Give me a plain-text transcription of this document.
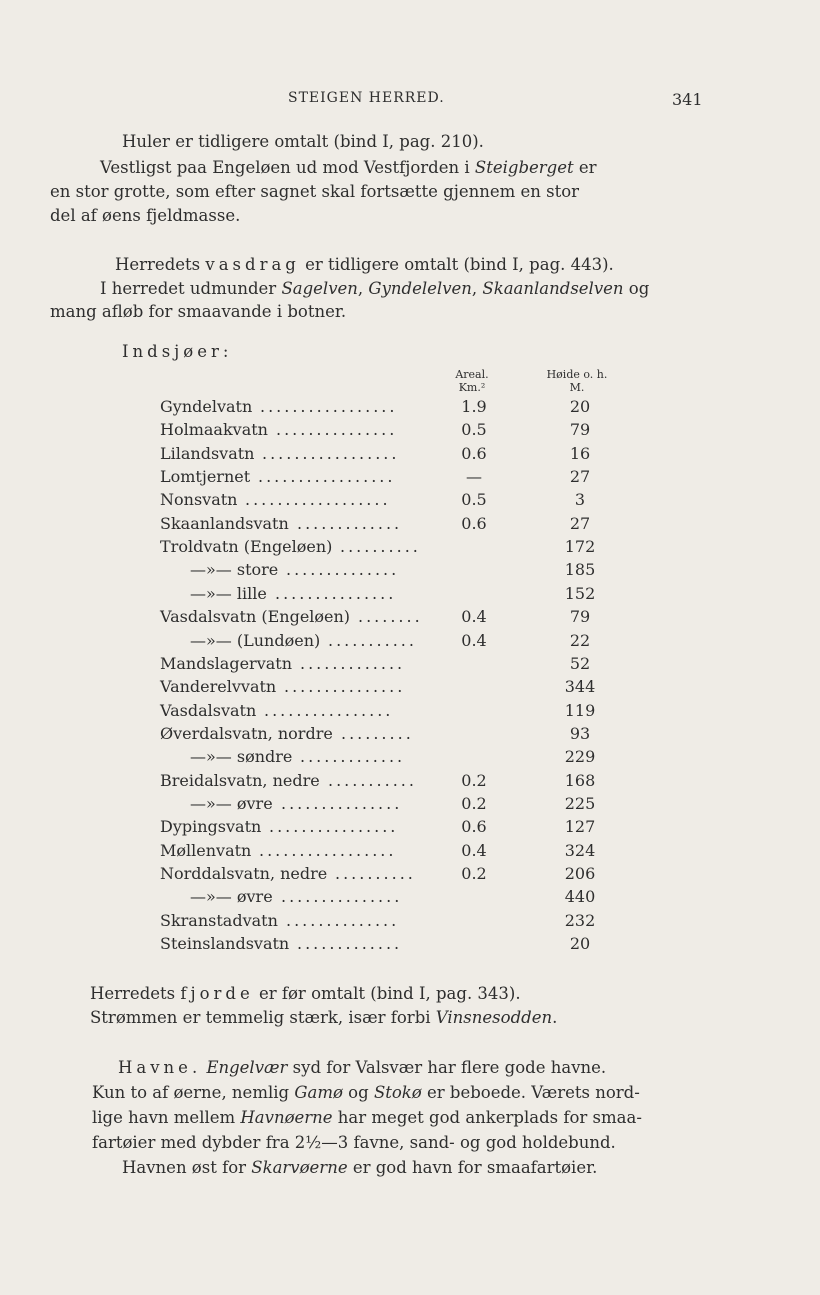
STEIGEN HERRED.	341
Huler er tidligere omtalt (bind I, pag. 210).
Vestligst paa Engeløen ud mod Vestfjorden i Steigberget er
en stor grotte, som efter sagnet skal fortsætte gjennem en stor
del af øens fjeldmasse.
Herredets vasdrag er tidligere omtalt (bind I, pag. 443).
I herredet udmunder Sagelven, Gyndelelven, Skaanlandselven og
mang afløb for smaavande i botner.
Indsjøer:
Areal.
Km.²
Høide o. h.
M.
Gyndelvatn	1.9	20
.................
Holmaakvatn	0.5	79
...............
Lilandsvatn	0.6	16
.................
Lomtjernet	—	27
.................
Nonsvatn	0.5	3
..................
Skaanlandsvatn	0.6	27
.............
Troldvatn (Engeløen)	172
..........
—»— store	185
..............
—»— lille	152
...............
Vasdalsvatn (Engeløen)	0.4	79
........
—»— (Lundøen)	0.4	22
...........
Mandslagervatn	52
.............
Vanderelvvatn	344
...............
Vasdalsvatn	119
................
Øverdalsvatn, nordre	93
.........
—»— søndre	229
.............
Breidalsvatn, nedre	0.2	168
...........
—»— øvre	0.2	225
...............
Dypingsvatn	0.6	127
................
Møllenvatn	0.4	324
.................
Norddalsvatn, nedre	0.2	206
..........
—»— øvre	440
...............
Skranstadvatn	232
..............
Steinslandsvatn	20
.............
Herredets fjorde er før omtalt (bind I, pag. 343).
Strømmen er temmelig stærk, især forbi Vinsnesodden.
Havne. Engelvær syd for Valsvær har flere gode havne.
Kun to af øerne, nemlig Gamø og Stokø er beboede. Værets nord-
lige havn mellem Havnøerne har meget god ankerplads for smaa-
fartøier med dybder fra 2½—3 favne, sand- og god holdebund.
Havnen øst for Skarvøerne er god havn for smaafartøier.
